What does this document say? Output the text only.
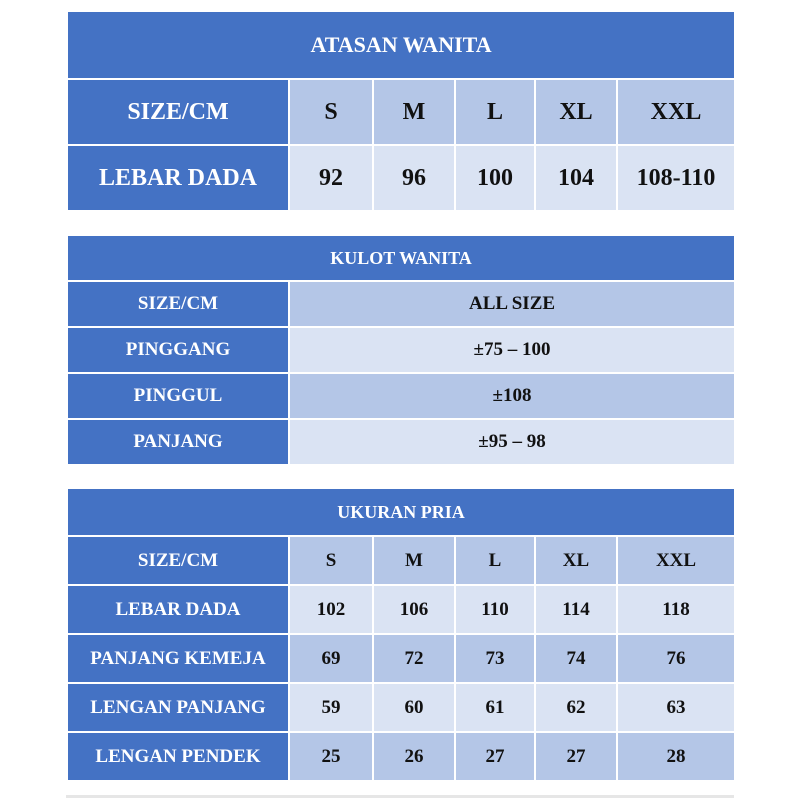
ATASAN WANITA					
SIZE/CM	S	M	L	XL	XXL
LEBAR DADA	92	96	100	104	108-110
KULOT WANITA	
SIZE/CM	ALL SIZE
PINGGANG	±75 – 100
PINGGUL	±108
PANJANG	±95 – 98
UKURAN PRIA					
SIZE/CM	S	M	L	XL	XXL
LEBAR DADA	102	106	110	114	118
PANJANG KEMEJA	69	72	73	74	76
LENGAN PANJANG	59	60	61	62	63
LENGAN PENDEK	25	26	27	27	28
